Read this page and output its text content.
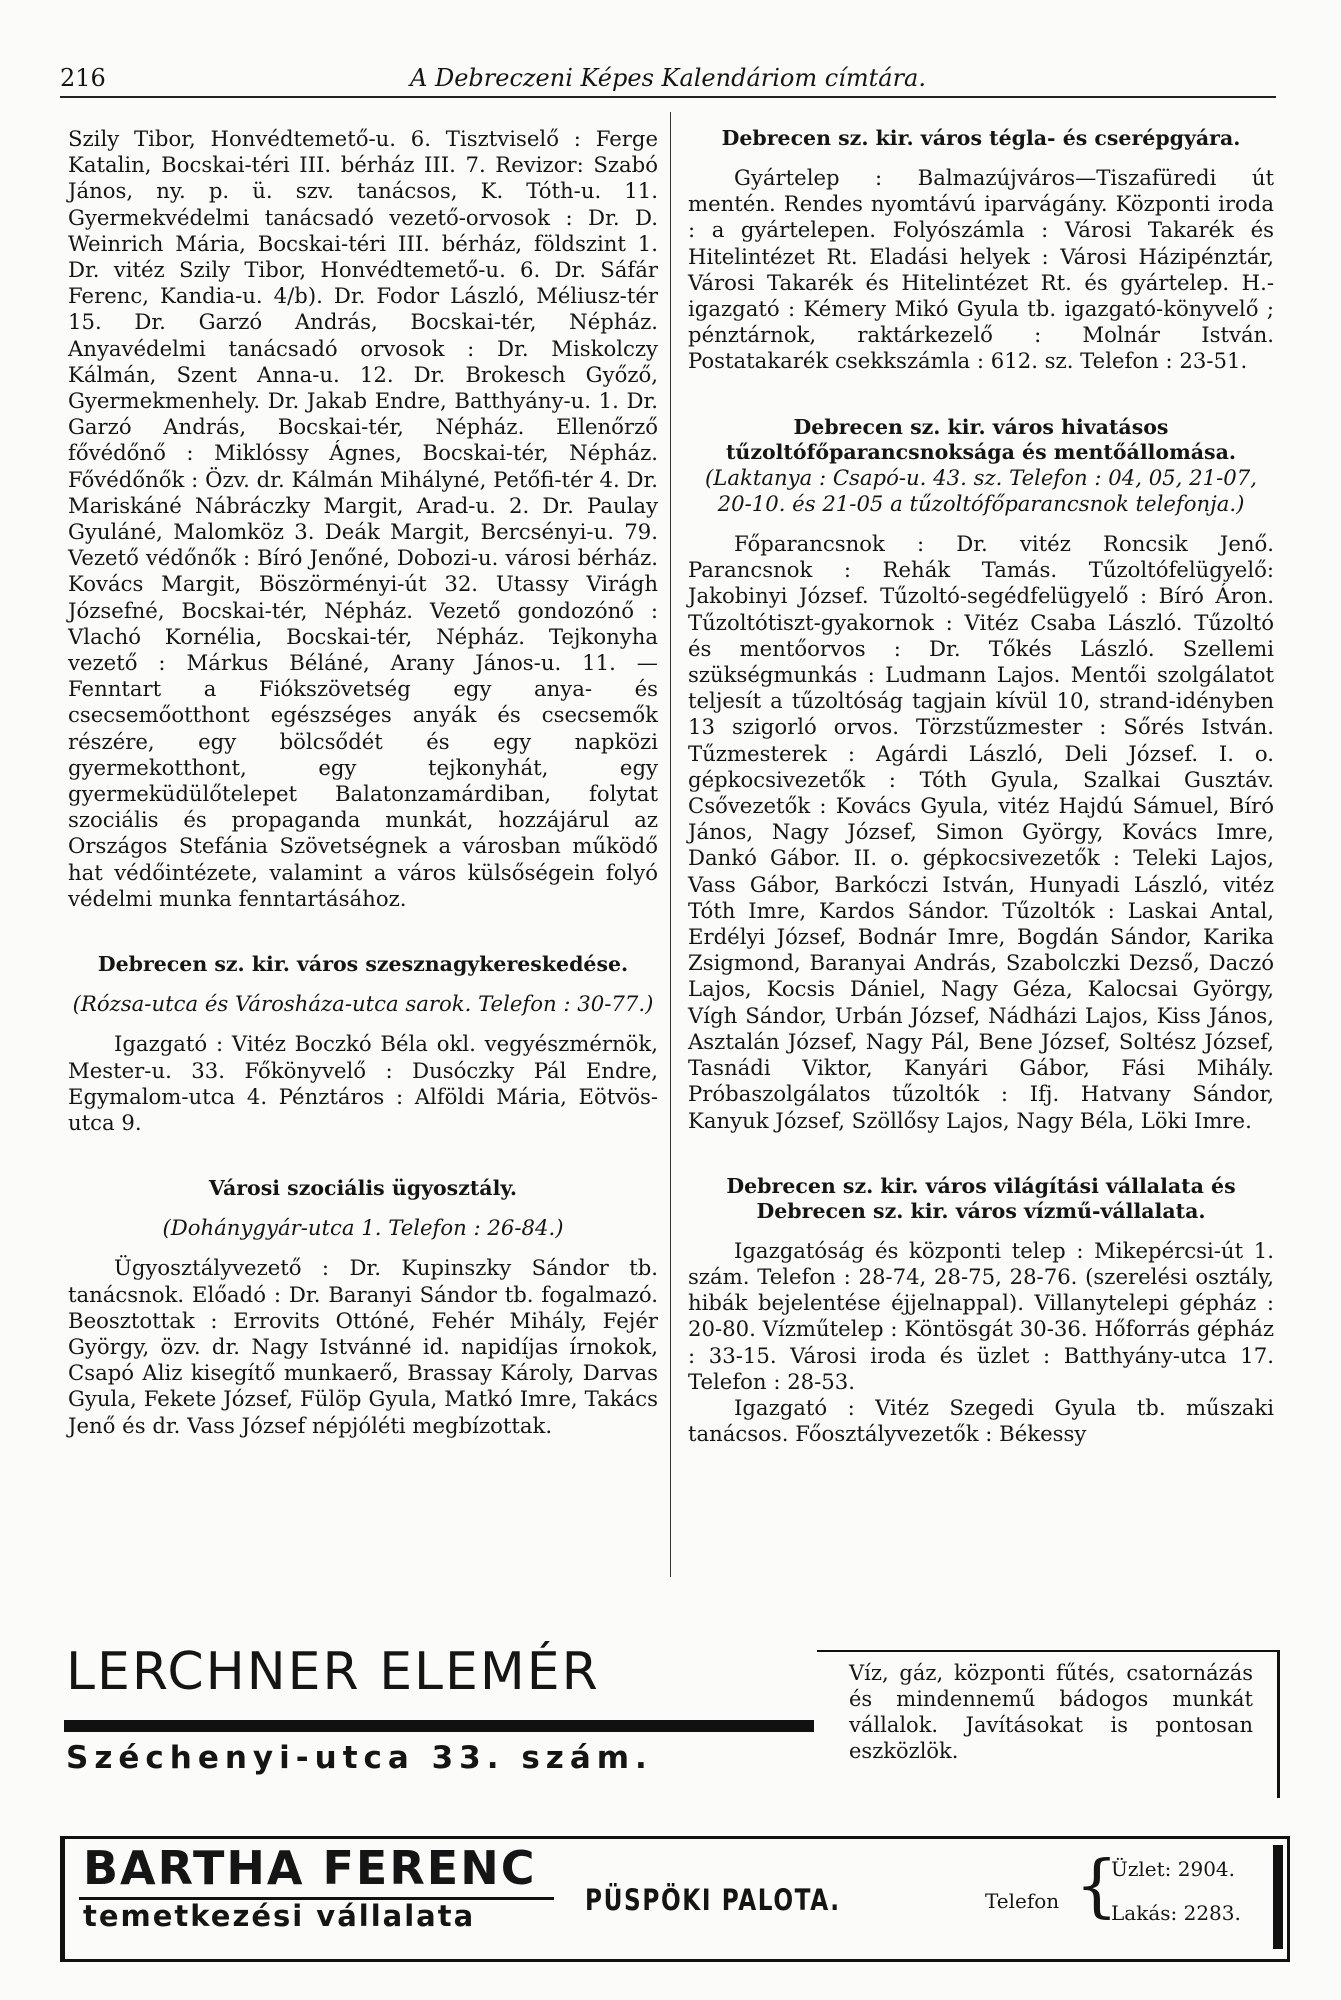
216	A Debreczeni Képes Kalendáriom címtára.

Szily Tibor, Honvédtemető-u. 6. Tisztviselő : Ferge Katalin, Bocskai-téri III. bérház III. 7. Revizor: Szabó János, ny. p. ü. szv. tanácsos, K. Tóth-u. 11. Gyermekvédelmi tanácsadó vezető-orvosok : Dr. D. Weinrich Mária, Bocskai-téri III. bérház, földszint 1. Dr. vitéz Szily Tibor, Honvédtemető-u. 6. Dr. Sáfár Ferenc, Kandia-u. 4/b). Dr. Fodor László, Méliusz-tér 15. Dr. Garzó András, Bocskai-tér, Népház. Anyavédelmi tanácsadó orvosok : Dr. Miskolczy Kálmán, Szent Anna-u. 12. Dr. Brokesch Győző, Gyermekmenhely. Dr. Jakab Endre, Batthyány-u. 1. Dr. Garzó András, Bocskai-tér, Népház. Ellenőrző fővédőnő : Miklóssy Ágnes, Bocskai-tér, Népház. Fővédőnők : Özv. dr. Kálmán Mihályné, Petőfi-tér 4. Dr. Mariskáné Nábráczky Margit, Arad-u. 2. Dr. Paulay Gyuláné, Malomköz 3. Deák Margit, Bercsényi-u. 79. Vezető védőnők : Bíró Jenőné, Dobozi-u. városi bérház. Kovács Margit, Böszörményi-út 32. Utassy Virágh Józsefné, Bocskai-tér, Népház. Vezető gondozónő : Vlachó Kornélia, Bocskai-tér, Népház. Tejkonyha vezető : Márkus Béláné, Arany János-u. 11. — Fenntart a Fiókszövetség egy anya- és csecsemőotthont egészséges anyák és csecsemők részére, egy bölcsődét és egy napközi gyermekotthont, egy tejkonyhát, egy gyermeküdülőtelepet Balatonzamárdiban, folytat szociális és propaganda munkát, hozzájárul az Országos Stefánia Szövetségnek a városban működő hat védőintézete, valamint a város külsőségein folyó védelmi munka fenntartásához.

Debrecen sz. kir. város szesznagykereskedése.

(Rózsa-utca és Városháza-utca sarok. Telefon : 30-77.)

Igazgató : Vitéz Boczkó Béla okl. vegyészmérnök, Mester-u. 33. Főkönyvelő : Dusóczky Pál Endre, Egymalom-utca 4. Pénztáros : Alföldi Mária, Eötvös-utca 9.

Városi szociális ügyosztály.

(Dohánygyár-utca 1. Telefon : 26-84.)

Ügyosztályvezető : Dr. Kupinszky Sándor tb. tanácsnok. Előadó : Dr. Baranyi Sándor tb. fogalmazó. Beosztottak : Errovits Ottóné, Fehér Mihály, Fejér György, özv. dr. Nagy Istvánné id. napidíjas írnokok, Csapó Aliz kisegítő munkaerő, Brassay Károly, Darvas Gyula, Fekete József, Fülöp Gyula, Matkó Imre, Takács Jenő és dr. Vass József népjóléti megbízottak.

Debrecen sz. kir. város tégla- és cserépgyára.

Gyártelep : Balmazújváros—Tiszafüredi út mentén. Rendes nyomtávú iparvágány. Központi iroda : a gyártelepen. Folyószámla : Városi Takarék és Hitelintézet Rt. Eladási helyek : Városi Házipénztár, Városi Takarék és Hitelintézet Rt. és gyártelep. H.-igazgató : Kémery Mikó Gyula tb. igazgató-könyvelő ; pénztárnok, raktárkezelő : Molnár István. Postatakarék csekkszámla : 612. sz. Telefon : 23-51.

Debrecen sz. kir. város hivatásos tűzoltófőparancsnoksága és mentőállomása.

(Laktanya : Csapó-u. 43. sz. Telefon : 04, 05, 21-07, 20-10. és 21-05 a tűzoltófőparancsnok telefonja.)

Főparancsnok : Dr. vitéz Roncsik Jenő. Parancsnok : Rehák Tamás. Tűzoltófelügyelő: Jakobinyi József. Tűzoltó-segédfelügyelő : Bíró Áron. Tűzoltótiszt-gyakornok : Vitéz Csaba László. Tűzoltó és mentőorvos : Dr. Tőkés László. Szellemi szükségmunkás : Ludmann Lajos. Mentői szolgálatot teljesít a tűzoltóság tagjain kívül 10, strand-idényben 13 szigorló orvos. Törzstűzmester : Sőrés István. Tűzmesterek : Agárdi László, Deli József. I. o. gépkocsivezetők : Tóth Gyula, Szalkai Gusztáv. Csővezetők : Kovács Gyula, vitéz Hajdú Sámuel, Bíró János, Nagy József, Simon György, Kovács Imre, Dankó Gábor. II. o. gépkocsivezetők : Teleki Lajos, Vass Gábor, Barkóczi István, Hunyadi László, vitéz Tóth Imre, Kardos Sándor. Tűzoltók : Laskai Antal, Erdélyi József, Bodnár Imre, Bogdán Sándor, Karika Zsigmond, Baranyai András, Szabolczki Dezső, Daczó Lajos, Kocsis Dániel, Nagy Géza, Kalocsai György, Vígh Sándor, Urbán József, Nádházi Lajos, Kiss János, Asztalán József, Nagy Pál, Bene József, Soltész József, Tasnádi Viktor, Kanyári Gábor, Fási Mihály. Próbaszolgálatos tűzoltók : Ifj. Hatvany Sándor, Kanyuk József, Szöllősy Lajos, Nagy Béla, Löki Imre.

Debrecen sz. kir. város világítási vállalata és Debrecen sz. kir. város vízmű-vállalata.

Igazgatóság és központi telep : Mikepércsi-út 1. szám. Telefon : 28-74, 28-75, 28-76. (szerelési osztály, hibák bejelentése éjjelnappal). Villanytelepi gépház : 20-80. Vízműtelep : Köntösgát 30-36. Hőforrás gépház : 33-15. Városi iroda és üzlet : Batthyány-utca 17. Telefon : 28-53.

Igazgató : Vitéz Szegedi Gyula tb. műszaki tanácsos. Főosztályvezetők : Békessy

LERCHNER ELEMÉR
Széchenyi-utca 33. szám.
Víz, gáz, központi fűtés, csatornázás és mindennemű bádogos munkát vállalok. Javításokat is pontosan eszközlök.
BARTHA FERENC
temetkezési vállalata	PÜSPÖKI PALOTA.	Telefon {
Üzlet: 2904.
Lakás: 2283.
